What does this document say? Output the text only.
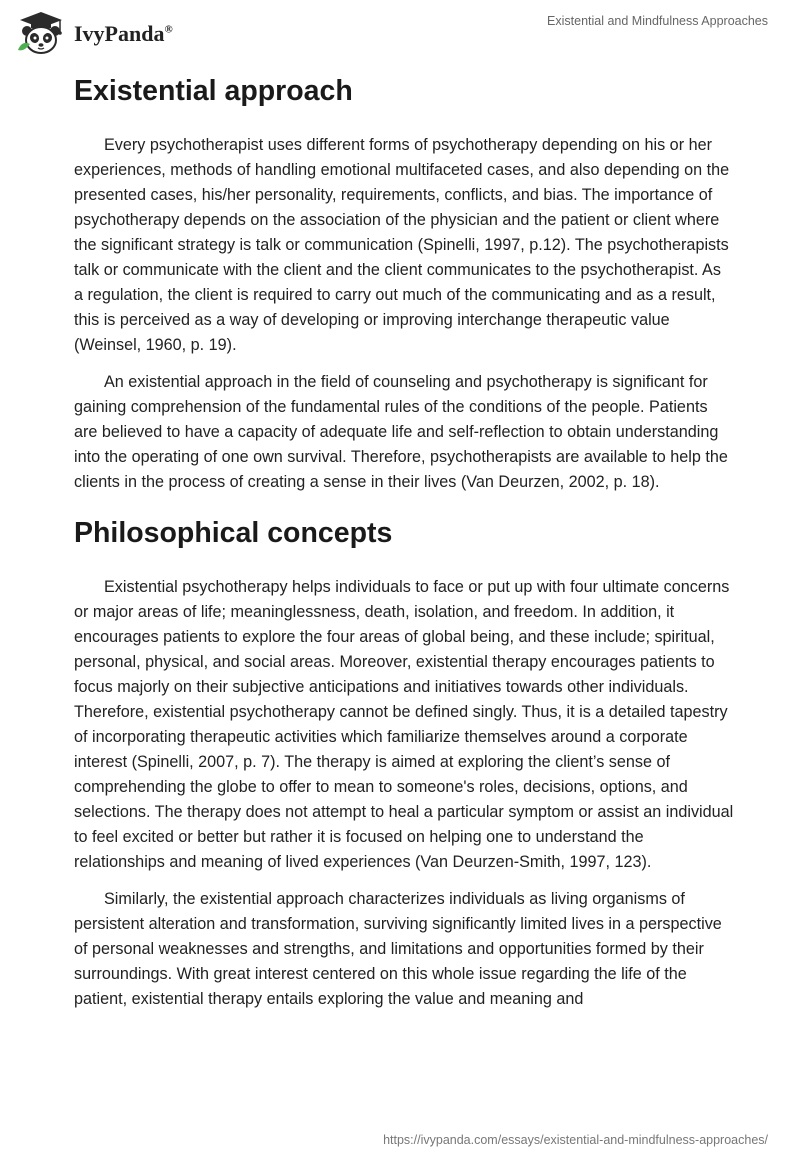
IvyPanda®
Existential and Mindfulness Approaches
Existential approach

Every psychotherapist uses different forms of psychotherapy depending on his or her experiences, methods of handling emotional multifaceted cases, and also depending on the presented cases, his/her personality, requirements, conflicts, and bias. The importance of psychotherapy depends on the association of the physician and the patient or client where the significant strategy is talk or communication (Spinelli, 1997, p.12). The psychotherapists talk or communicate with the client and the client communicates to the psychotherapist. As a regulation, the client is required to carry out much of the communicating and as a result, this is perceived as a way of developing or improving interchange therapeutic value (Weinsel, 1960, p. 19).

An existential approach in the field of counseling and psychotherapy is significant for gaining comprehension of the fundamental rules of the conditions of the people. Patients are believed to have a capacity of adequate life and self-reflection to obtain understanding into the operating of one own survival. Therefore, psychotherapists are available to help the clients in the process of creating a sense in their lives (Van Deurzen, 2002, p. 18).

Philosophical concepts

Existential psychotherapy helps individuals to face or put up with four ultimate concerns or major areas of life; meaninglessness, death, isolation, and freedom. In addition, it encourages patients to explore the four areas of global being, and these include; spiritual, personal, physical, and social areas. Moreover, existential therapy encourages patients to focus majorly on their subjective anticipations and initiatives towards other individuals. Therefore, existential psychotherapy cannot be defined singly. Thus, it is a detailed tapestry of incorporating therapeutic activities which familiarize themselves around a corporate interest (Spinelli, 2007, p. 7). The therapy is aimed at exploring the client’s sense of comprehending the globe to offer to mean to someone's roles, decisions, options, and selections. The therapy does not attempt to heal a particular symptom or assist an individual to feel excited or better but rather it is focused on helping one to understand the relationships and meaning of lived experiences (Van Deurzen-Smith, 1997, 123).

Similarly, the existential approach characterizes individuals as living organisms of persistent alteration and transformation, surviving significantly limited lives in a perspective of personal weaknesses and strengths, and limitations and opportunities formed by their surroundings. With great interest centered on this whole issue regarding the life of the patient, existential therapy entails exploring the value and meaning and

https://ivypanda.com/essays/existential-and-mindfulness-approaches/
